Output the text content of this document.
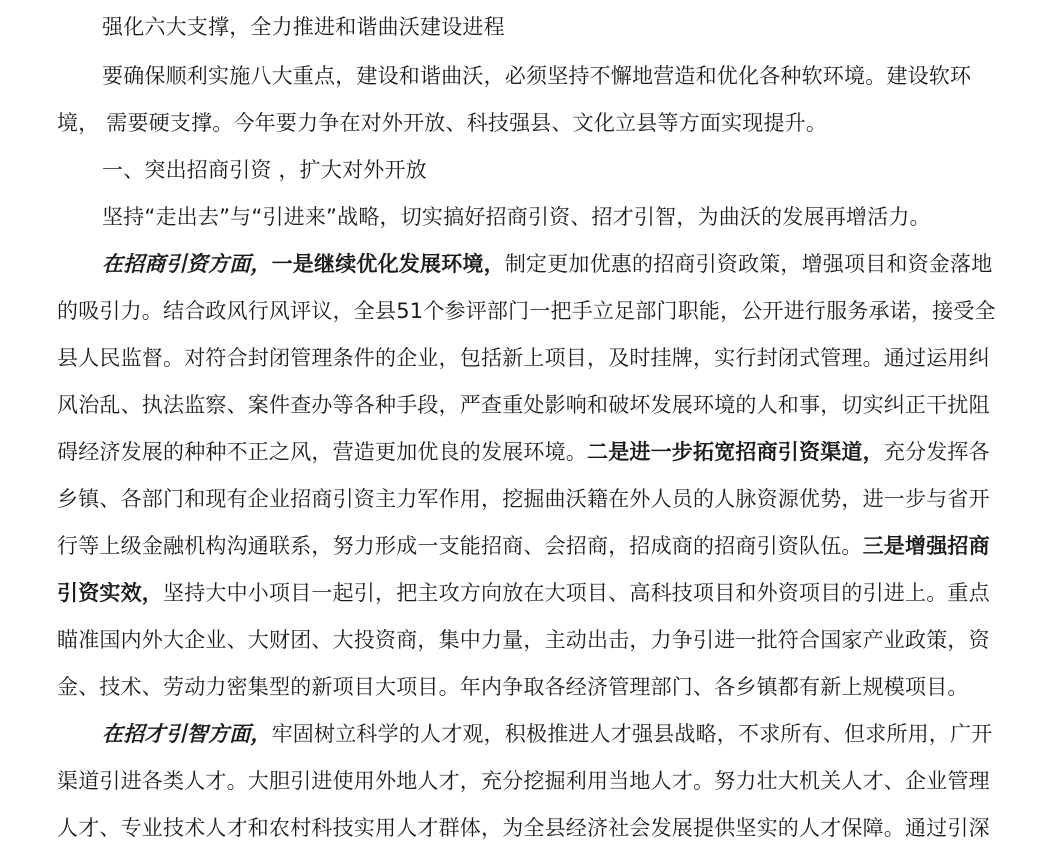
强化六大支撑，全力推进和谐曲沃建设进程
要确保顺利实施八大重点，建设和谐曲沃，必须坚持不懈地营造和优化各种软环境。建设软环
境， 需要硬支撑。今年要力争在对外开放、科技强县、文化立县等方面实现提升。
一、突出招商引资 ，扩大对外开放
坚持“走出去”与“引进来”战略，切实搞好招商引资、招才引智，为曲沃的发展再增活力。
在招商引资方面，一是继续优化发展环境，制定更加优惠的招商引资政策，增强项目和资金落地
的吸引力。结合政风行风评议，全县51个参评部门一把手立足部门职能，公开进行服务承诺，接受全
县人民监督。对符合封闭管理条件的企业，包括新上项目，及时挂牌，实行封闭式管理。通过运用纠
风治乱、执法监察、案件查办等各种手段，严查重处影响和破坏发展环境的人和事，切实纠正干扰阻
碍经济发展的种种不正之风，营造更加优良的发展环境。二是进一步拓宽招商引资渠道，充分发挥各
乡镇、各部门和现有企业招商引资主力军作用，挖掘曲沃籍在外人员的人脉资源优势，进一步与省开
行等上级金融机构沟通联系，努力形成一支能招商、会招商，招成商的招商引资队伍。三是增强招商
引资实效，坚持大中小项目一起引，把主攻方向放在大项目、高科技项目和外资项目的引进上。重点
瞄准国内外大企业、大财团、大投资商，集中力量，主动出击，力争引进一批符合国家产业政策，资
金、技术、劳动力密集型的新项目大项目。年内争取各经济管理部门、各乡镇都有新上规模项目。
在招才引智方面，牢固树立科学的人才观，积极推进人才强县战略，不求所有、但求所用，广开
渠道引进各类人才。大胆引进使用外地人才，充分挖掘利用当地人才。努力壮大机关人才、企业管理
人才、专业技术人才和农村科技实用人才群体，为全县经济社会发展提供坚实的人才保障。通过引深
